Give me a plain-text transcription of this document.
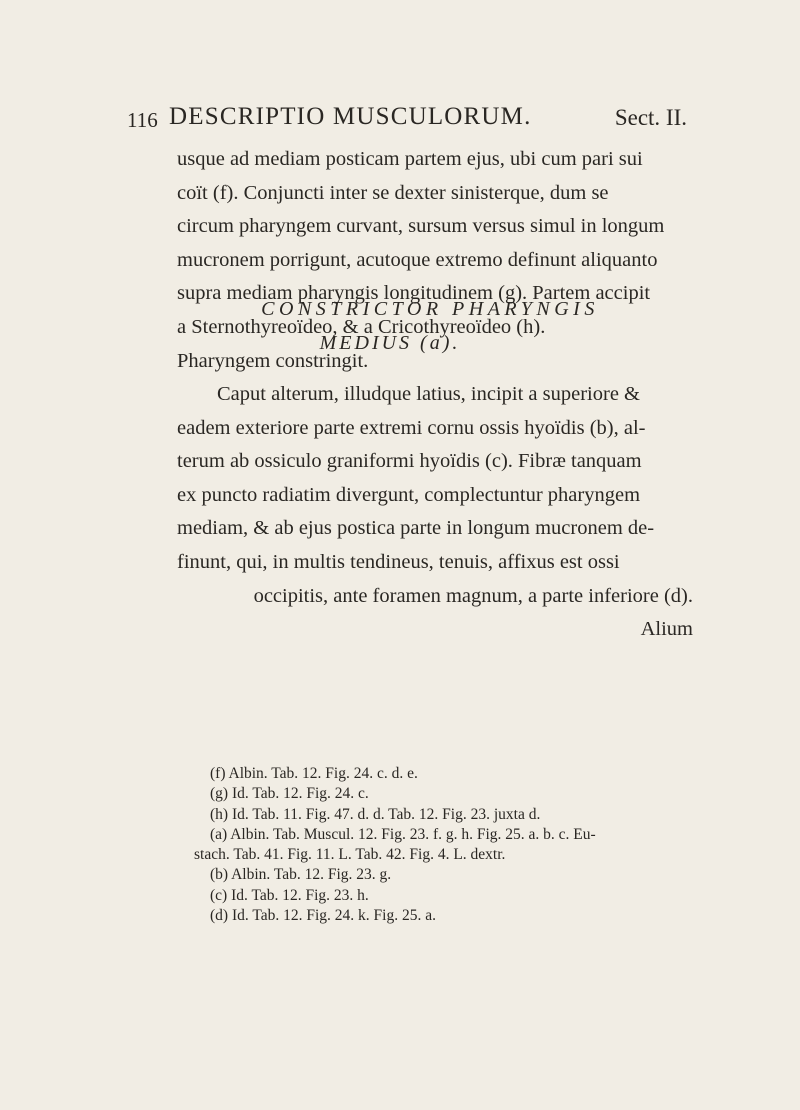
116 DESCRIPTIO MUSCULORUM.	Sect. II.
usque ad mediam posticam partem ejus, ubi cum pari sui
coït (f). Conjuncti inter se dexter sinisterque, dum se
circum pharyngem curvant, sursum versus simul in longum
mucronem porrigunt, acutoque extremo definunt aliquanto
supra mediam pharyngis longitudinem (g). Partem accipit
a Sternothyreoïdeo, & a Cricothyreoïdeo (h).
Pharyngem constringit.
CONSTRICTOR PHARYNGIS
MEDIUS (a).
Caput alterum, illudque latius, incipit a superiore &
eadem exteriore parte extremi cornu ossis hyoïdis (b), al-
terum ab ossiculo graniformi hyoïdis (c). Fibræ tanquam
ex puncto radiatim divergunt, complectuntur pharyngem
mediam, & ab ejus postica parte in longum mucronem de-
finunt, qui, in multis tendineus, tenuis, affixus est ossi
occipitis, ante foramen magnum, a parte inferiore (d).
Alium
(f) Albin. Tab. 12. Fig. 24. c. d. e.
(g) Id. Tab. 12. Fig. 24. c.
(h) Id. Tab. 11. Fig. 47. d. d. Tab. 12. Fig. 23. juxta d.
(a) Albin. Tab. Muscul. 12. Fig. 23. f. g. h. Fig. 25. a. b. c. Eu-
stach. Tab. 41. Fig. 11. L. Tab. 42. Fig. 4. L. dextr.
(b) Albin. Tab. 12. Fig. 23. g.
(c) Id. Tab. 12. Fig. 23. h.
(d) Id. Tab. 12. Fig. 24. k. Fig. 25. a.
